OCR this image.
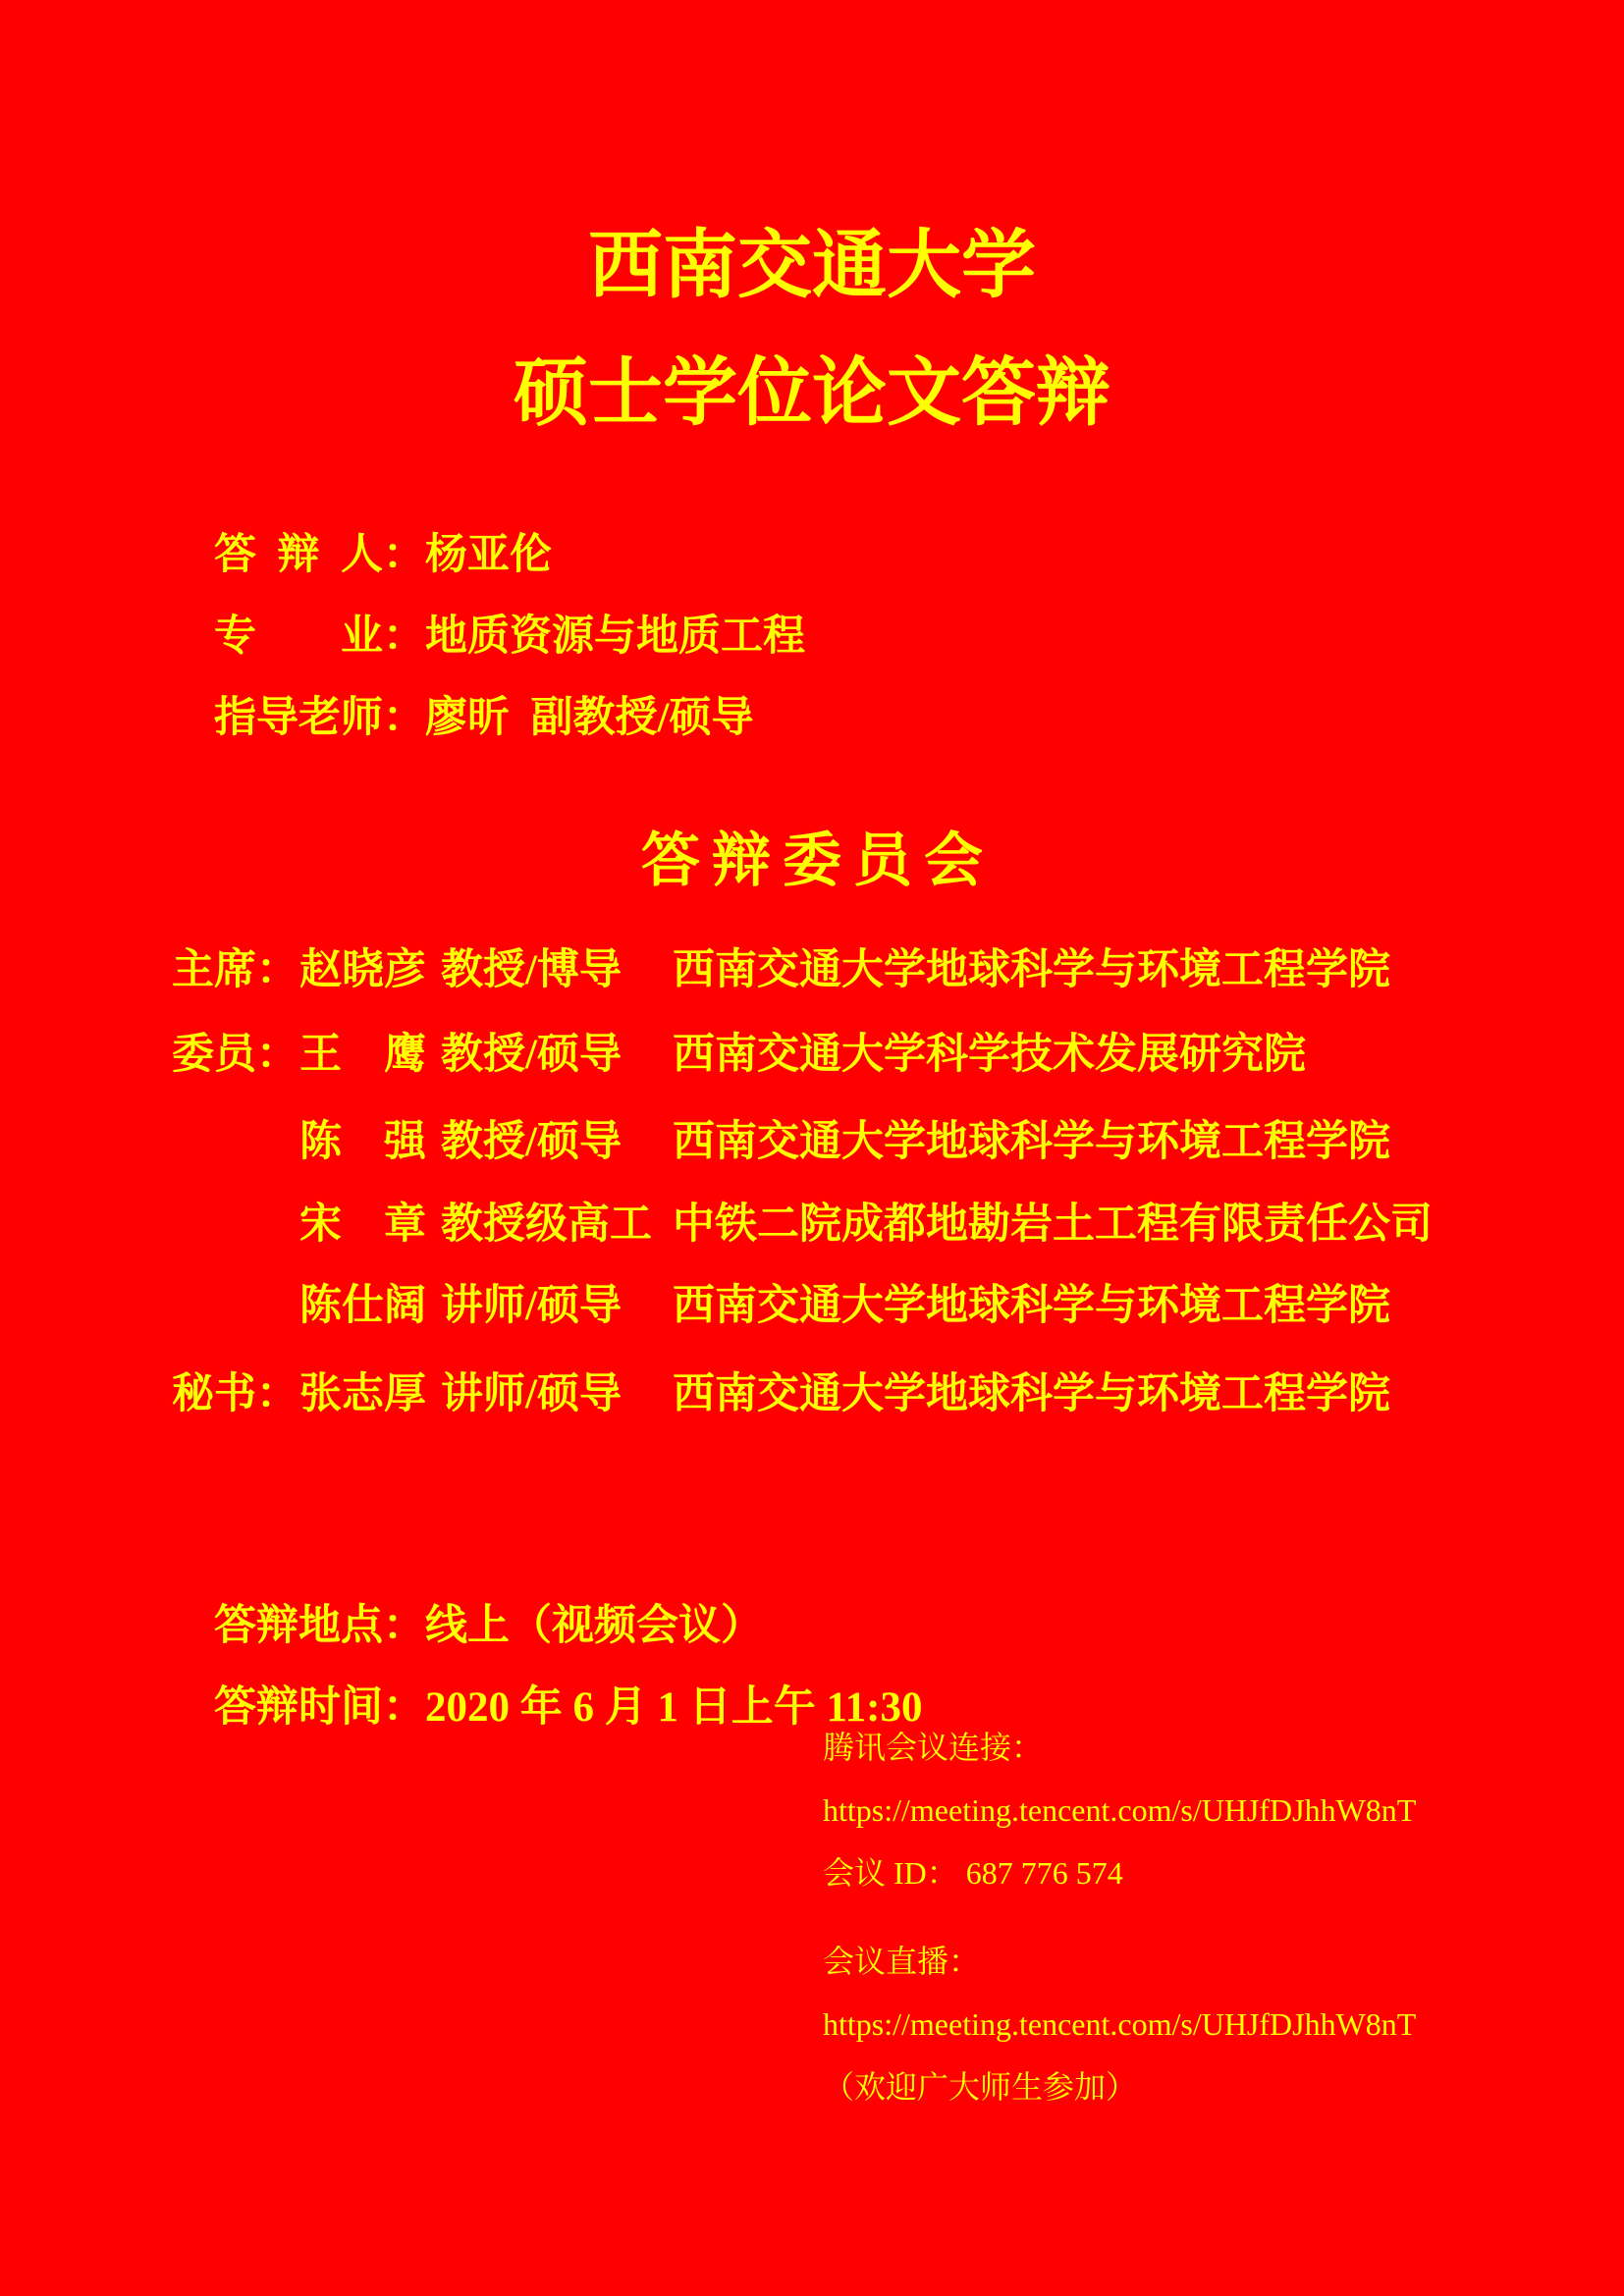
西南交通大学
硕士学位论文答辩

答 辩 人：杨亚伦

专　　业：地质资源与地质工程

指导老师：廖昕 副教授/硕导

答辩委员会
主席： 赵晓彦 教授/博导	西南交通大学地球科学与环境工程学院
委员： 王　鹰 教授/硕导	西南交通大学科学技术发展研究院
陈　强 教授/硕导	西南交通大学地球科学与环境工程学院
宋　章 教授级高工 中铁二院成都地勘岩土工程有限责任公司
陈仕阔 讲师/硕导	西南交通大学地球科学与环境工程学院
秘书： 张志厚 讲师/硕导	西南交通大学地球科学与环境工程学院

答辩地点：线上（视频会议）

答辩时间：2020 年 6 月 1 日上午 11:30

腾讯会议连接：
https://meeting.tencent.com/s/UHJfDJhhW8nT
会议 ID： 687 776 574
会议直播：
https://meeting.tencent.com/s/UHJfDJhhW8nT
（欢迎广大师生参加）
